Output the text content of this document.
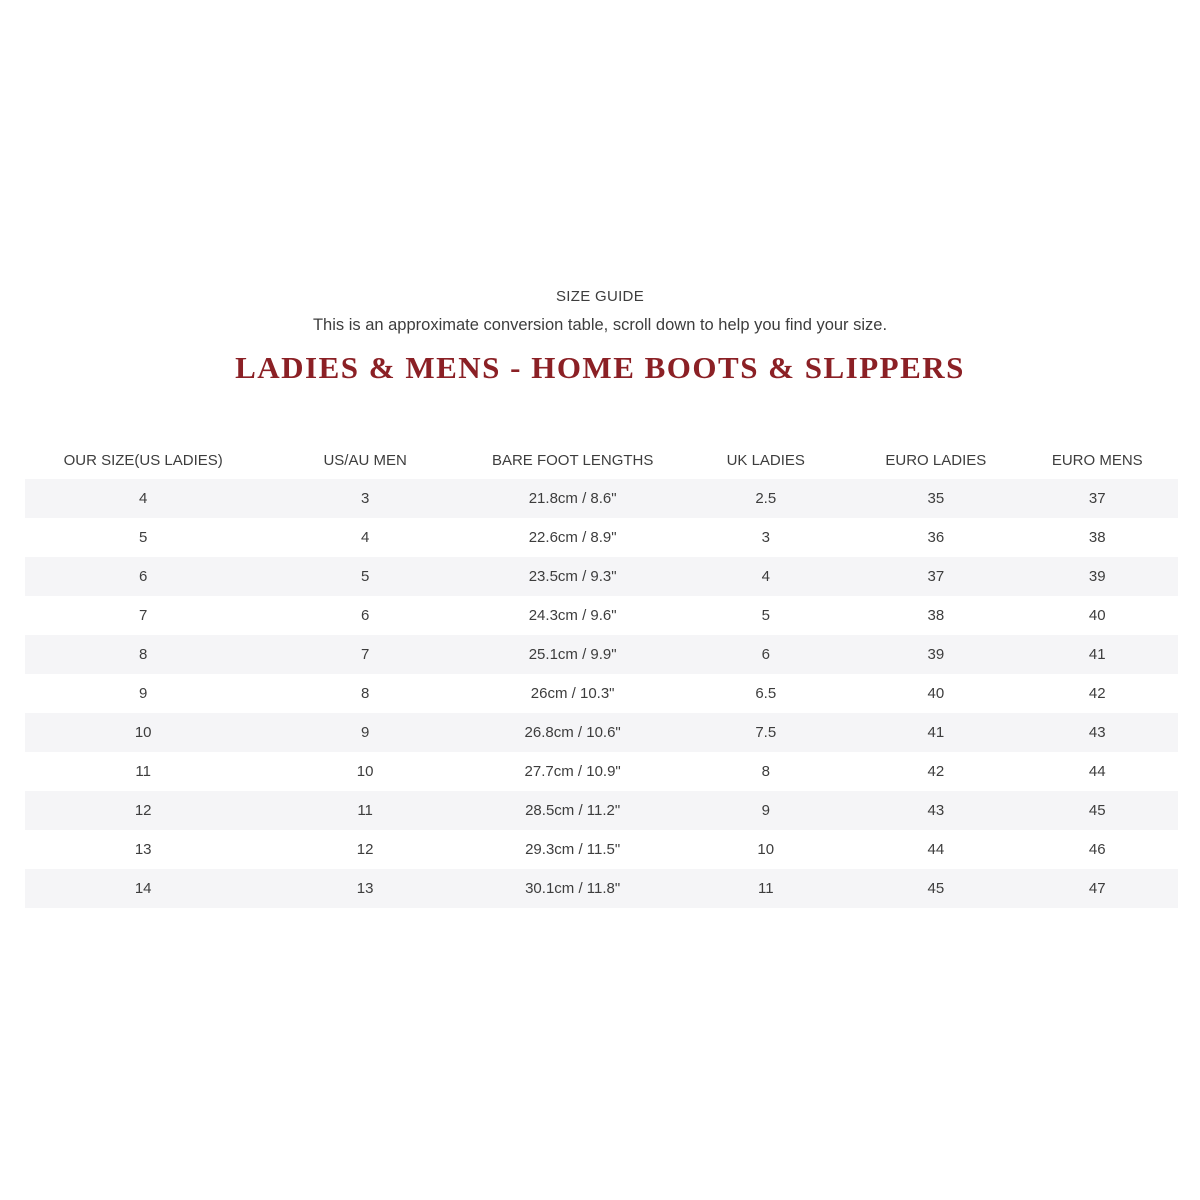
SIZE GUIDE
This is an approximate conversion table, scroll down to help you find your size.
LADIES & MENS - HOME BOOTS & SLIPPERS
OUR SIZE(US LADIES)	US/AU MEN	BARE FOOT LENGTHS	UK LADIES	EURO LADIES	EURO MENS
4	3	21.8cm / 8.6"	2.5	35	37
5	4	22.6cm / 8.9"	3	36	38
6	5	23.5cm / 9.3"	4	37	39
7	6	24.3cm / 9.6"	5	38	40
8	7	25.1cm / 9.9"	6	39	41
9	8	26cm / 10.3"	6.5	40	42
10	9	26.8cm / 10.6"	7.5	41	43
11	10	27.7cm / 10.9"	8	42	44
12	11	28.5cm / 11.2"	9	43	45
13	12	29.3cm / 11.5"	10	44	46
14	13	30.1cm / 11.8"	11	45	47
